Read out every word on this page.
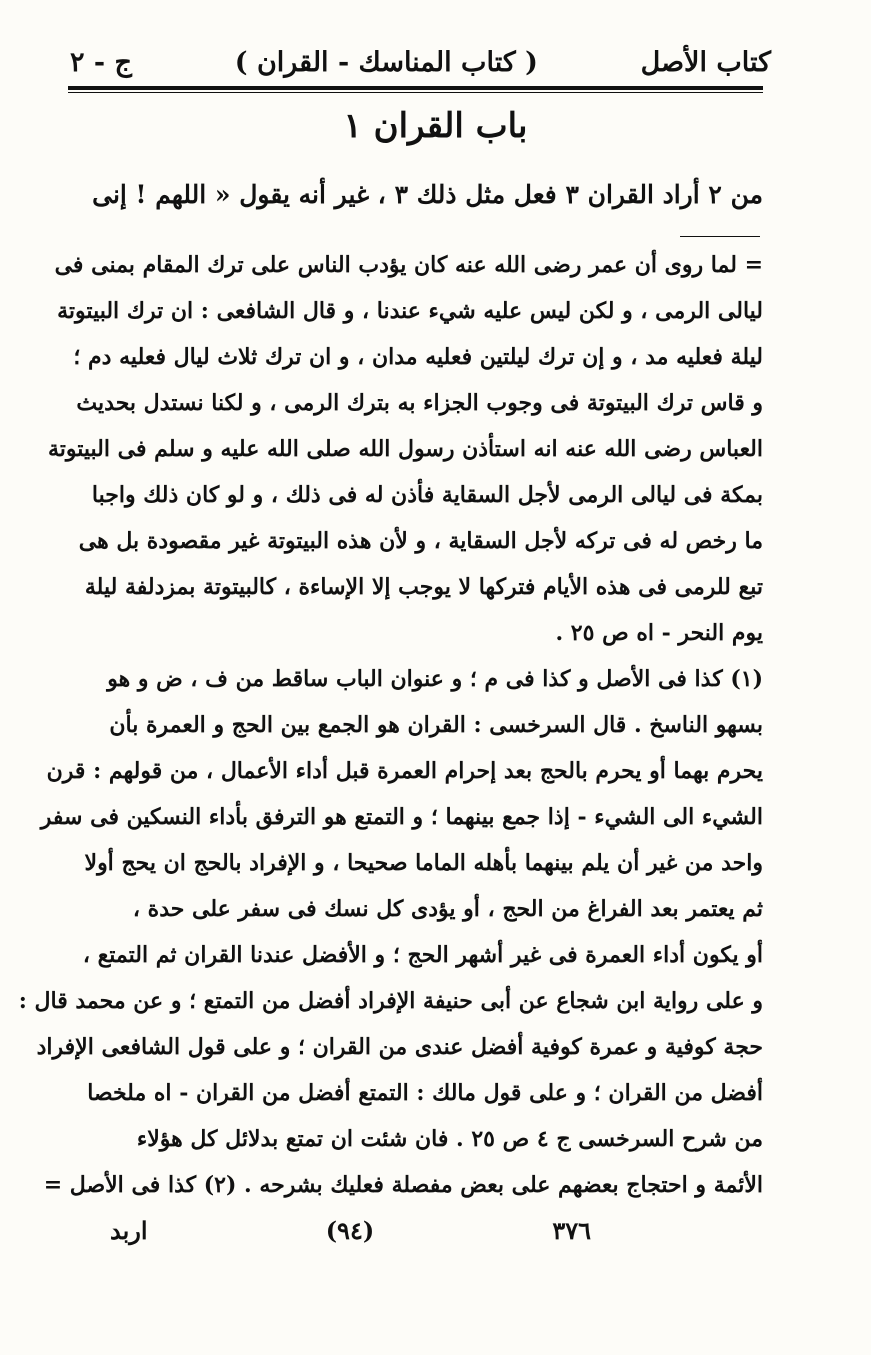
كتاب الأصل
( كتاب المناسك - القران )
ج - ٢
باب القران ١
من ٢ أراد القران ٣ فعل مثل ذلك ٣ ، غير أنه يقول « اللهم ! إنى
= لما روى أن عمر رضى الله عنه كان يؤدب الناس على ترك المقام بمنى فى
ليالى الرمى ، و لكن ليس عليه شيء عندنا ، و قال الشافعى : ان ترك البيتوتة
ليلة فعليه مد ، و إن ترك ليلتين فعليه مدان ، و ان ترك ثلاث ليال فعليه دم ؛
و قاس ترك البيتوتة فى وجوب الجزاء به بترك الرمى ، و لكنا نستدل بحديث
العباس رضى الله عنه انه استأذن رسول الله صلى الله عليه و سلم فى البيتوتة
بمكة فى ليالى الرمى لأجل السقاية فأذن له فى ذلك ، و لو كان ذلك واجبا
ما رخص له فى تركه لأجل السقاية ، و لأن هذه البيتوتة غير مقصودة بل هى
تبع للرمى فى هذه الأيام فتركها لا يوجب إلا الإساءة ، كالبيتوتة بمزدلفة ليلة
يوم النحر - اه ص ٢٥ .
(١) كذا فى الأصل و كذا فى م ؛ و عنوان الباب ساقط من ف ، ض و هو
بسهو الناسخ . قال السرخسى : القران هو الجمع بين الحج و العمرة بأن
يحرم بهما أو يحرم بالحج بعد إحرام العمرة قبل أداء الأعمال ، من قولهم : قرن
الشيء الى الشيء - إذا جمع بينهما ؛ و التمتع هو الترفق بأداء النسكين فى سفر
واحد من غير أن يلم بينهما بأهله الماما صحيحا ، و الإفراد بالحج ان يحج أولا
ثم يعتمر بعد الفراغ من الحج ، أو يؤدى كل نسك فى سفر على حدة ،
أو يكون أداء العمرة فى غير أشهر الحج ؛ و الأفضل عندنا القران ثم التمتع ،
و على رواية ابن شجاع عن أبى حنيفة الإفراد أفضل من التمتع ؛ و عن محمد قال :
حجة كوفية و عمرة كوفية أفضل عندى من القران ؛ و على قول الشافعى الإفراد
أفضل من القران ؛ و على قول مالك : التمتع أفضل من القران - اه ملخصا
من شرح السرخسى ج ٤ ص ٢٥ . فان شئت ان تمتع بدلائل كل هؤلاء
الأئمة و احتجاج بعضهم على بعض مفصلة فعليك بشرحه . (٢) كذا فى الأصل =
٣٧٦
(٩٤)
اربد
